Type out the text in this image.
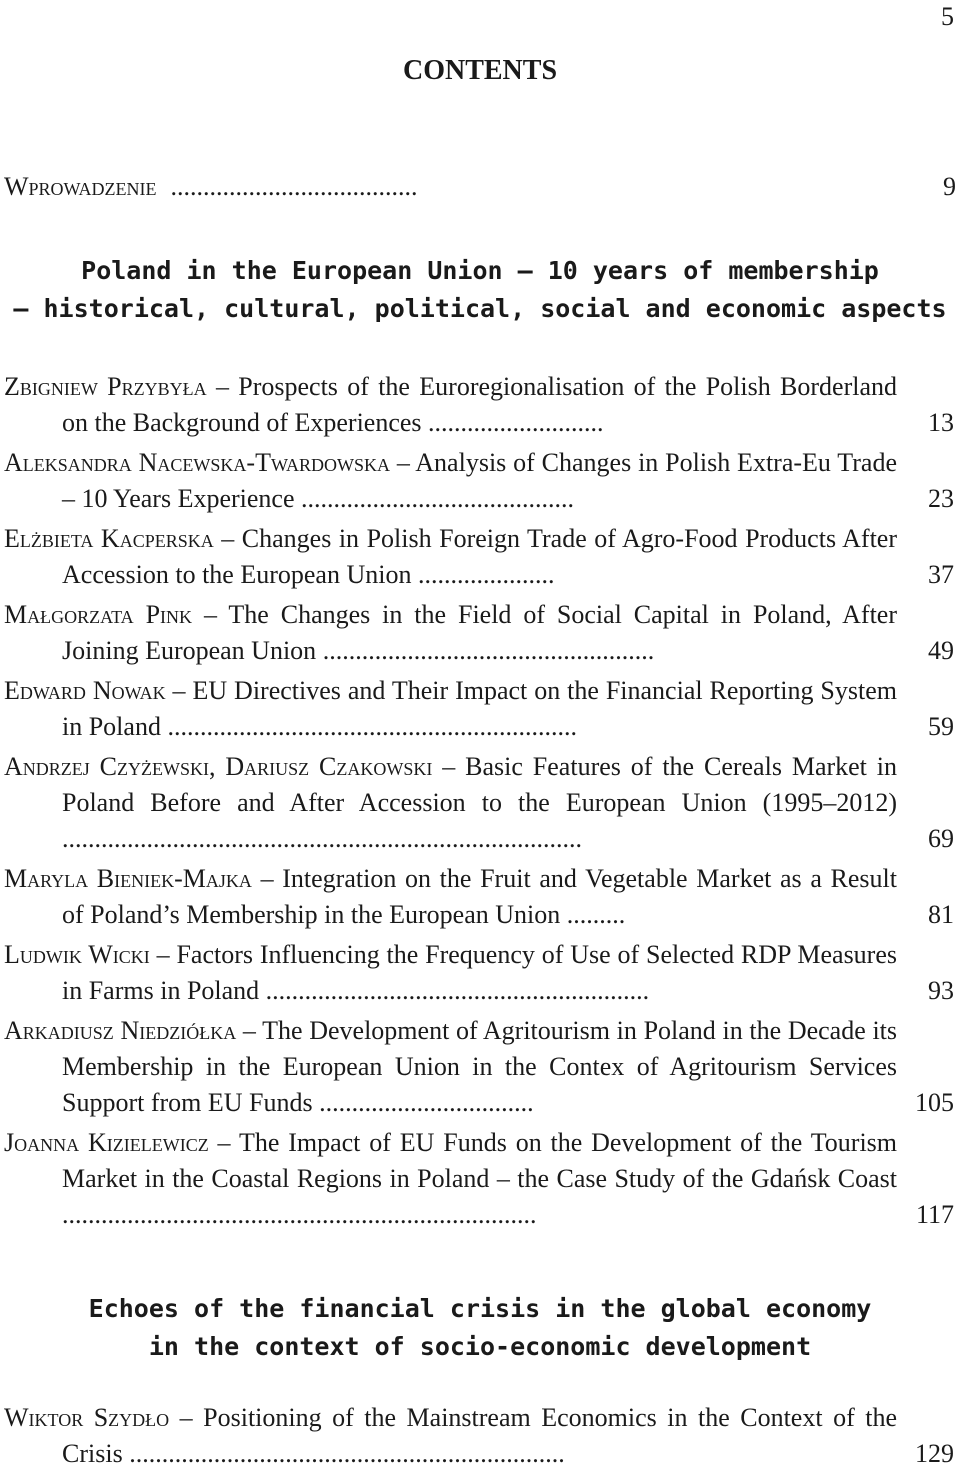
5
CONTENTS
Wprowadzenie ......................................	9
Poland in the European Union – 10 years of membership
– historical, cultural, political, social and economic aspects
Zbigniew Przybyła – Prospects of the Euroregionalisation of the Polish Borderland on the Background of Experiences ...........................	13
Aleksandra Nacewska-Twardowska – Analysis of Changes in Polish Extra-Eu Trade – 10 Years Experience ..........................................	23
Elżbieta Kacperska – Changes in Polish Foreign Trade of Agro-Food Products After Accession to the European Union .....................	37
Małgorzata Pink – The Changes in the Field of Social Capital in Poland, After Joining European Union ...................................................	49
Edward Nowak – EU Directives and Their Impact on the Financial Reporting System in Poland ...............................................................	59
Andrzej Czyżewski, Dariusz Czakowski – Basic Features of the Cereals Market in Poland Before and After Accession to the European Union (1995–2012) ................................................................................	69
Maryla Bieniek-Majka – Integration on the Fruit and Vegetable Market as a Result of Poland’s Membership in the European Union .........	81
Ludwik Wicki – Factors Influencing the Frequency of Use of Selected RDP Measures in Farms in Poland ...........................................................	93
Arkadiusz Niedziółka – The Development of Agritourism in Poland in the Decade its Membership in the European Union in the Contex of Agritourism Services Support from EU Funds .................................	105
Joanna Kizielewicz – The Impact of EU Funds on the Development of the Tourism Market in the Coastal Regions in Poland – the Case Study of the Gdańsk Coast .........................................................................	117
Echoes of the financial crisis in the global economy
in the context of socio-economic development
Wiktor Szydło – Positioning of the Mainstream Economics in the Context of the Crisis ...................................................................	129
